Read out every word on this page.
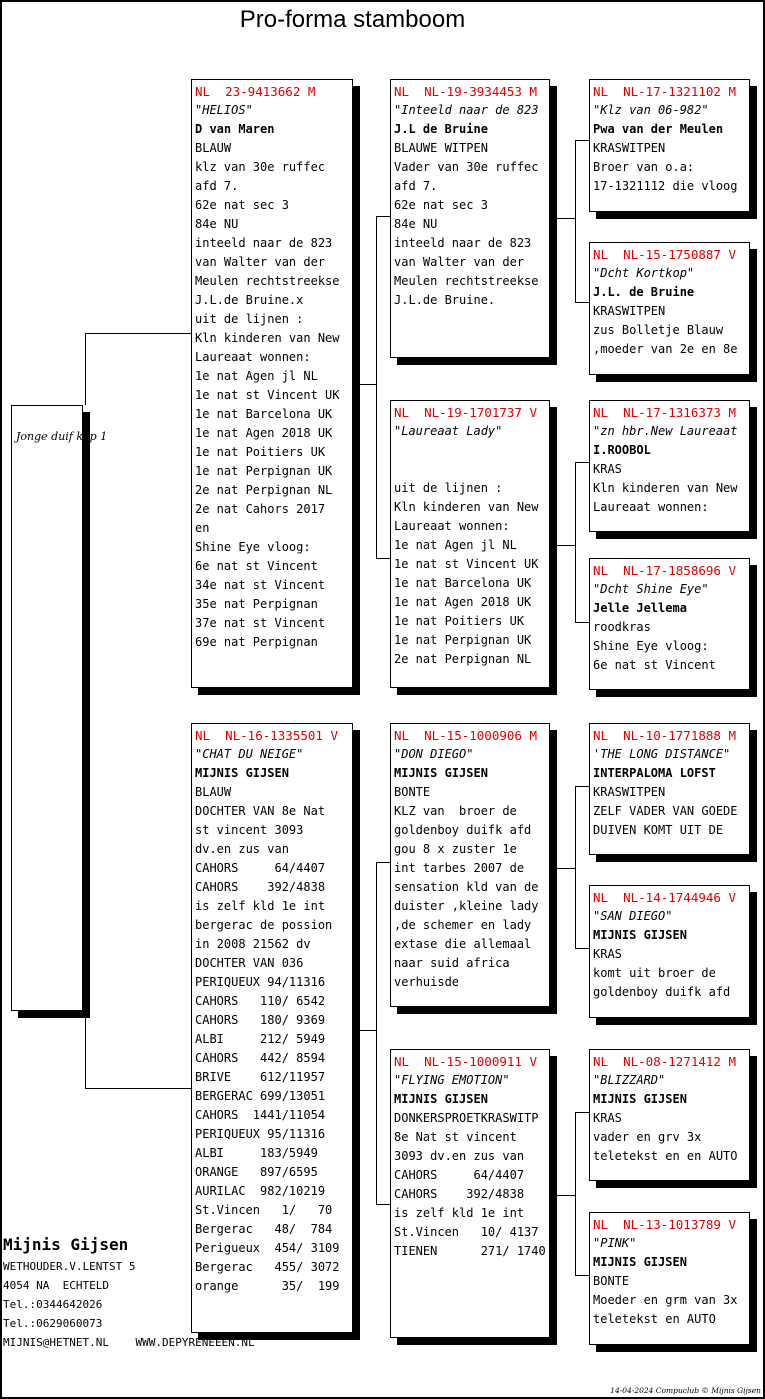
Pro-forma stamboom
Jonge duif kop 1
NL  23-9413662 M
"HELIOS"
D van Maren
BLAUW
klz van 30e ruffec
afd 7.
62e nat sec 3
84e NU
inteeld naar de 823
van Walter van der
Meulen rechtstreekse
J.L.de Bruine.x
uit de lijnen :
Kln kinderen van New
Laureaat wonnen:
1e nat Agen jl NL
1e nat st Vincent UK
1e nat Barcelona UK
1e nat Agen 2018 UK
1e nat Poitiers UK
1e nat Perpignan UK
2e nat Perpignan NL
2e nat Cahors 2017
en
Shine Eye vloog:
6e nat st Vincent
34e nat st Vincent
35e nat Perpignan
37e nat st Vincent
69e nat Perpignan
NL  NL-16-1335501 V
"CHAT DU NEIGE"
MIJNIS GIJSEN
BLAUW
DOCHTER VAN 8e Nat
st vincent 3093
dv.en zus van
CAHORS     64/4407
CAHORS    392/4838
is zelf kld 1e int
bergerac de possion
in 2008 21562 dv
DOCHTER VAN 036
PERIQUEUX 94/11316
CAHORS   110/ 6542
CAHORS   180/ 9369
ALBI     212/ 5949
CAHORS   442/ 8594
BRIVE    612/11957
BERGERAC 699/13051
CAHORS  1441/11054
PERIQUEUX 95/11316
ALBI     183/5949
ORANGE   897/6595
AURILAC  982/10219
St.Vincen   1/   70
Bergerac   48/  784
Perigueux  454/ 3109
Bergerac   455/ 3072
orange      35/  199
NL  NL-19-3934453 M
"Inteeld naar de 823
J.L de Bruine
BLAUWE WITPEN
Vader van 30e ruffec
afd 7.
62e nat sec 3
84e NU
inteeld naar de 823
van Walter van der
Meulen rechtstreekse
J.L.de Bruine.
NL  NL-19-1701737 V
"Laureaat Lady"
uit de lijnen :
Kln kinderen van New
Laureaat wonnen:
1e nat Agen jl NL
1e nat st Vincent UK
1e nat Barcelona UK
1e nat Agen 2018 UK
1e nat Poitiers UK
1e nat Perpignan UK
2e nat Perpignan NL
NL  NL-15-1000906 M
"DON DIEGO"
MIJNIS GIJSEN
BONTE
KLZ van  broer de
goldenboy duifk afd
gou 8 x zuster 1e
int tarbes 2007 de
sensation kld van de
duister ,kleine lady
,de schemer en lady
extase die allemaal
naar suid africa
verhuisde
NL  NL-15-1000911 V
"FLYING EMOTION"
MIJNIS GIJSEN
DONKERSPROETKRASWITP
8e Nat st vincent
3093 dv.en zus van
CAHORS     64/4407
CAHORS    392/4838
is zelf kld 1e int
St.Vincen   10/ 4137
TIENEN      271/ 1740
NL  NL-17-1321102 M
"Klz van 06-982"
Pwa van der Meulen
KRASWITPEN
Broer van o.a:
17-1321112 die vloog
NL  NL-15-1750887 V
"Dcht Kortkop"
J.L. de Bruine
KRASWITPEN
zus Bolletje Blauw
,moeder van 2e en 8e
NL  NL-17-1316373 M
"zn hbr.New Laureaat
I.ROOBOL
KRAS
Kln kinderen van New
Laureaat wonnen:
NL  NL-17-1858696 V
"Dcht Shine Eye"
Jelle Jellema
roodkras
Shine Eye vloog:
6e nat st Vincent
NL  NL-10-1771888 M
'THE LONG DISTANCE"
INTERPALOMA LOFST
KRASWITPEN
ZELF VADER VAN GOEDE
DUIVEN KOMT UIT DE
NL  NL-14-1744946 V
"SAN DIEGO"
MIJNIS GIJSEN
KRAS
komt uit broer de
goldenboy duifk afd
NL  NL-08-1271412 M
"BLIZZARD"
MIJNIS GIJSEN
KRAS
vader en grv 3x
teletekst en en AUTO
NL  NL-13-1013789 V
"PINK"
MIJNIS GIJSEN
BONTE
Moeder en grm van 3x
teletekst en AUTO
Mijnis Gijsen
WETHOUDER.V.LENTST 5
4054 NA  ECHTELD
Tel.:0344642026
Tel.:0629060073
MIJNIS@HETNET.NL WWW.DEPYRENEEEN.NL
14-04-2024 Compuclub © Mijnis Gijsen
